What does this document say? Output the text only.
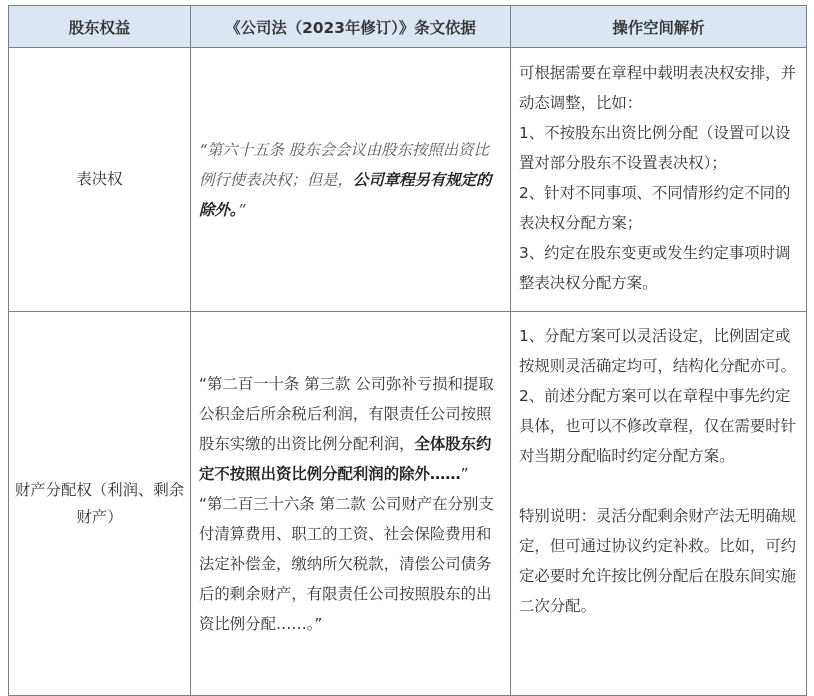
股东权益	《公司法（2023年修订）》条文依据	操作空间解析
表决权	“第六十五条 股东会会议由股东按照出资比例行使表决权；但是，公司章程另有规定的除外。”	可根据需要在章程中载明表决权安排，并动态调整，比如：
1、不按股东出资比例分配（设置可以设置对部分股东不设置表决权）；
2、针对不同事项、不同情形约定不同的表决权分配方案；
3、约定在股东变更或发生约定事项时调整表决权分配方案。

财产分配权（利润、剩余财产）	“第二百一十条 第三款 公司弥补亏损和提取公积金后所余税后利润，有限责任公司按照股东实缴的出资比例分配利润，全体股东约定不按照出资比例分配利润的除外……”
“第二百三十六条 第二款 公司财产在分别支付清算费用、职工的工资、社会保险费用和法定补偿金，缴纳所欠税款，清偿公司债务后的剩余财产，有限责任公司按照股东的出资比例分配……。”	1、分配方案可以灵活设定，比例固定或按规则灵活确定均可，结构化分配亦可。
2、前述分配方案可以在章程中事先约定具体，也可以不修改章程，仅在需要时针对当期分配临时约定分配方案。
特别说明：灵活分配剩余财产法无明确规定，但可通过协议约定补救。比如，可约定必要时允许按比例分配后在股东间实施二次分配。
